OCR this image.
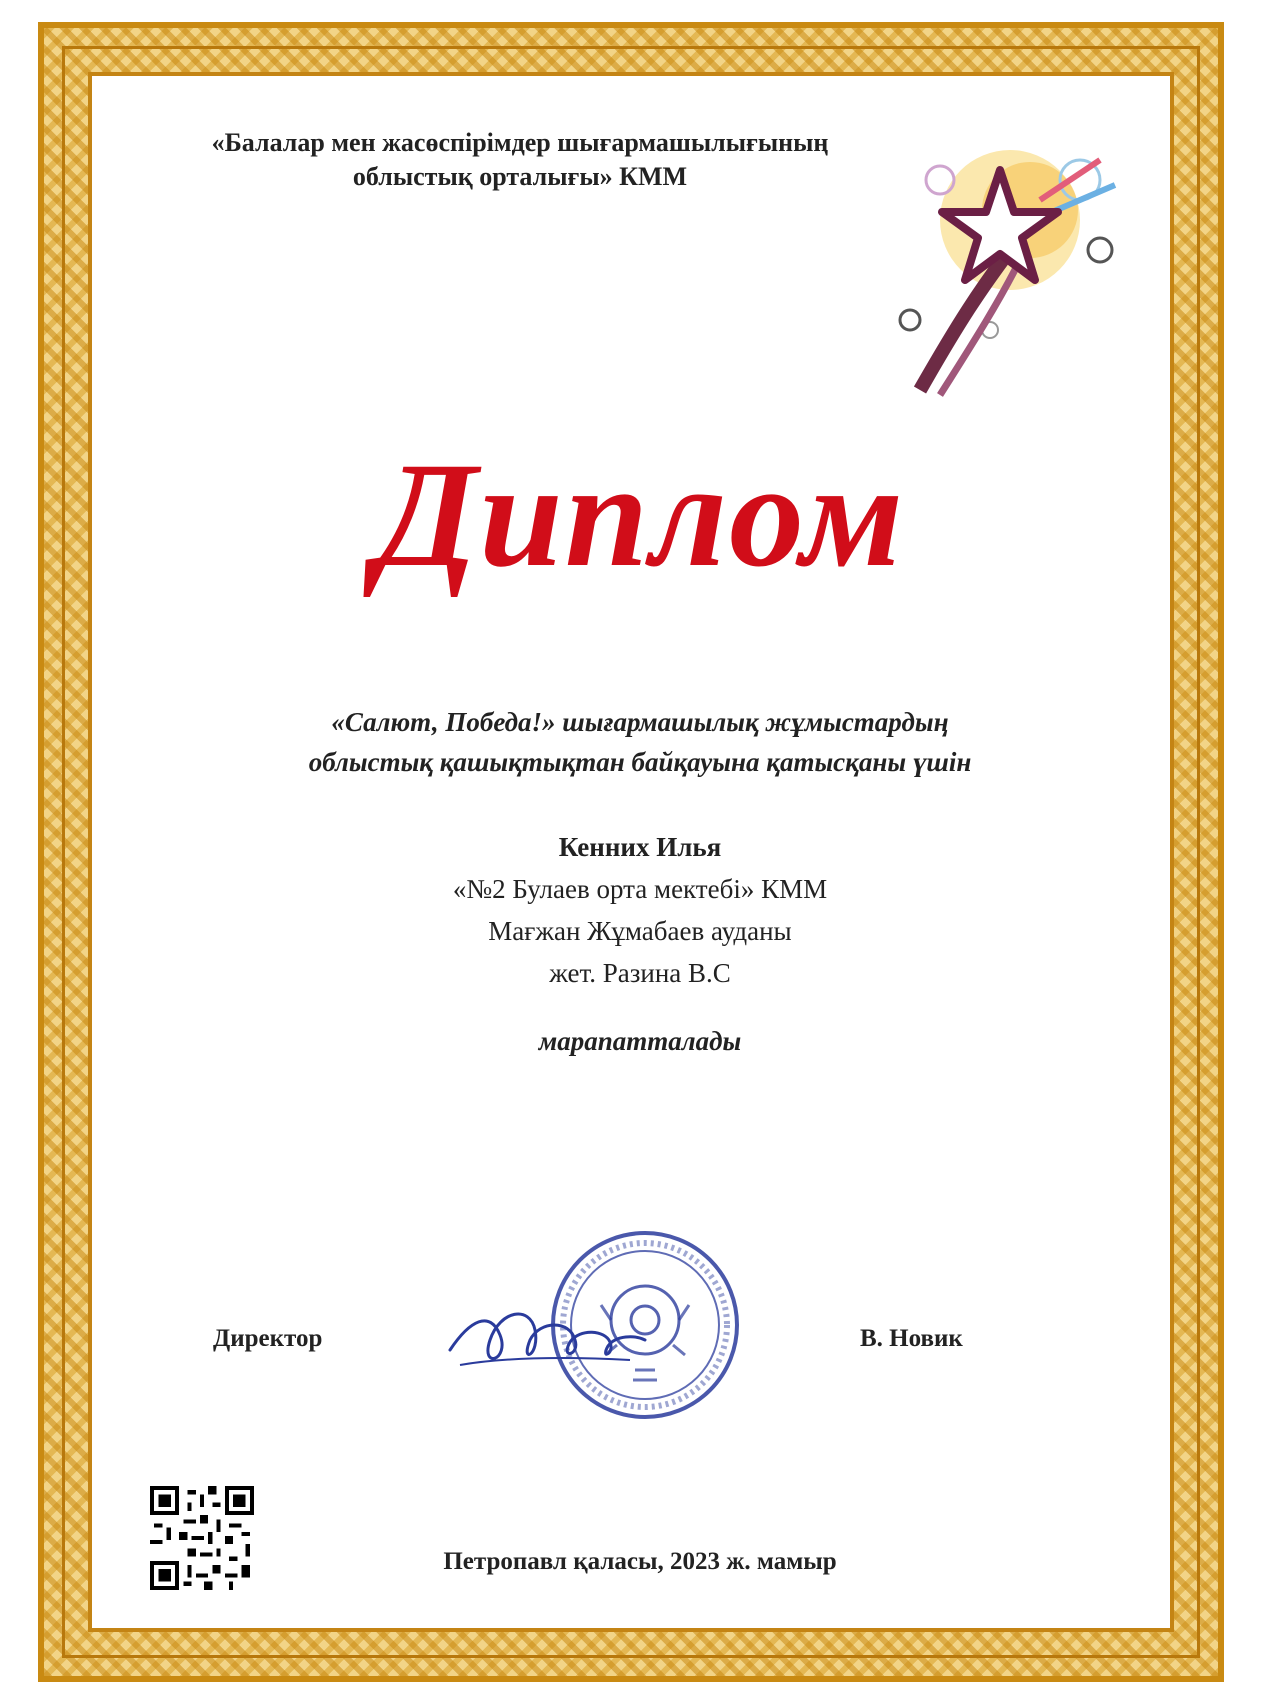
«Балалар мен жасөспірімдер шығармашылығының
облыстық орталығы» КММ
Диплом
«Салют, Победа!» шығармашылық жұмыстардың
облыстық қашықтықтан байқауына қатысқаны үшін
Кенних Илья
«№2 Булаев орта мектебі» КММ
Мағжан Жұмабаев ауданы
жет. Разина В.С
марапатталады
Директор	В. Новик
Петропавл қаласы, 2023 ж. мамыр
